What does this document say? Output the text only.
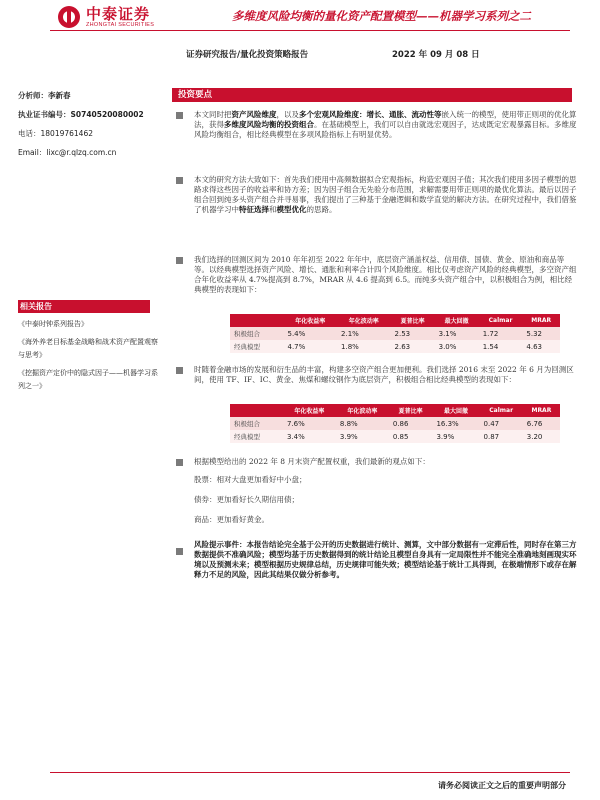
中泰证券
ZHONGTAI SECURITIES
多维度风险均衡的量化资产配置模型——机器学习系列之二
证券研究报告/量化投资策略报告	2022 年 09 月 08 日
分析师：李新春
执业证书编号：S0740520080002
电话：18019761462
Email：lixc@r.qlzq.com.cn
相关报告
《中泰时钟系列报告》
《海外养老目标基金战略和战术资产配置观察与思考》
《挖掘资产定价中的隐式因子——机器学习系列之一》
投资要点
本文同时把资产风险维度，以及多个宏观风险维度：增长、通胀、流动性等嵌入统一的模型，使用带正则项的优化算法，获得多维度风险均衡的投资组合。在基础模型上，我们可以自由就选宏观因子，达成既定宏观暴露目标。多维度风险均衡组合，相比经典模型在多项风险指标上有明显优势。
本文的研究方法大致如下：首先我们使用中高频数据拟合宏观指标，构造宏观因子值；其次我们使用多因子模型的思路求得这些因子的收益率和协方差；因为因子组合无先验分布范围，求解需要用带正则项的最优化算法。最后以因子组合回到纯多头资产组合并寻易事，我们提出了三种基于金融逻辑和数学直觉的解决方法。在研究过程中，我们借鉴了机器学习中特征选择和模型优化的思路。
我们选择的回测区间为 2010 年年初至 2022 年年中，底层资产涵盖权益、信用债、国债、黄金、原油和商品等等。以经典模型选择资产风险、增长、通胀和利率合计四个风险维度。相比仅考虑资产风险的经典模型，多空资产组合年化收益率从 4.7%提高到 8.7%，MRAR 从 4.6 提高到 6.5。而纯多头资产组合中，以积极组合为例，相比经典模型的表现如下：
	年化收益率	年化波动率	夏普比率	最大回撤	Calmar	MRAR
积极组合	5.4%	2.1%	2.53	3.1%	1.72	5.32
经典模型	4.7%	1.8%	2.63	3.0%	1.54	4.63
时随着金融市场的发展和衍生品的丰富，构建多空资产组合更加便利。我们选择 2016 末至 2022 年 6 月为回测区间，使用 TF、IF、IC、黄金、焦煤和螺纹钢作为底层资产，积极组合相比经典模型的表现如下：
	年化收益率	年化波动率	夏普比率	最大回撤	Calmar	MRAR
积极组合	7.6%	8.8%	0.86	16.3%	0.47	6.76
经典模型	3.4%	3.9%	0.85	3.9%	0.87	3.20
根据模型给出的 2022 年 8 月末资产配置权重，我们最新的观点如下：
股票：相对大盘更加看好中小盘；
债券：更加看好长久期信用债；
商品：更加看好黄金。
风险提示事件：本报告结论完全基于公开的历史数据进行统计、测算，文中部分数据有一定滞后性，同时存在第三方数据提供不准确风险；模型均基于历史数据得到的统计结论且模型自身具有一定局限性并不能完全准确地刻画现实环境以及预测未来；模型根据历史规律总结，历史规律可能失效；模型结论基于统计工具得到，在极端情形下或存在解释力不足的风险，因此其结果仅做分析参考。
请务必阅读正文之后的重要声明部分
